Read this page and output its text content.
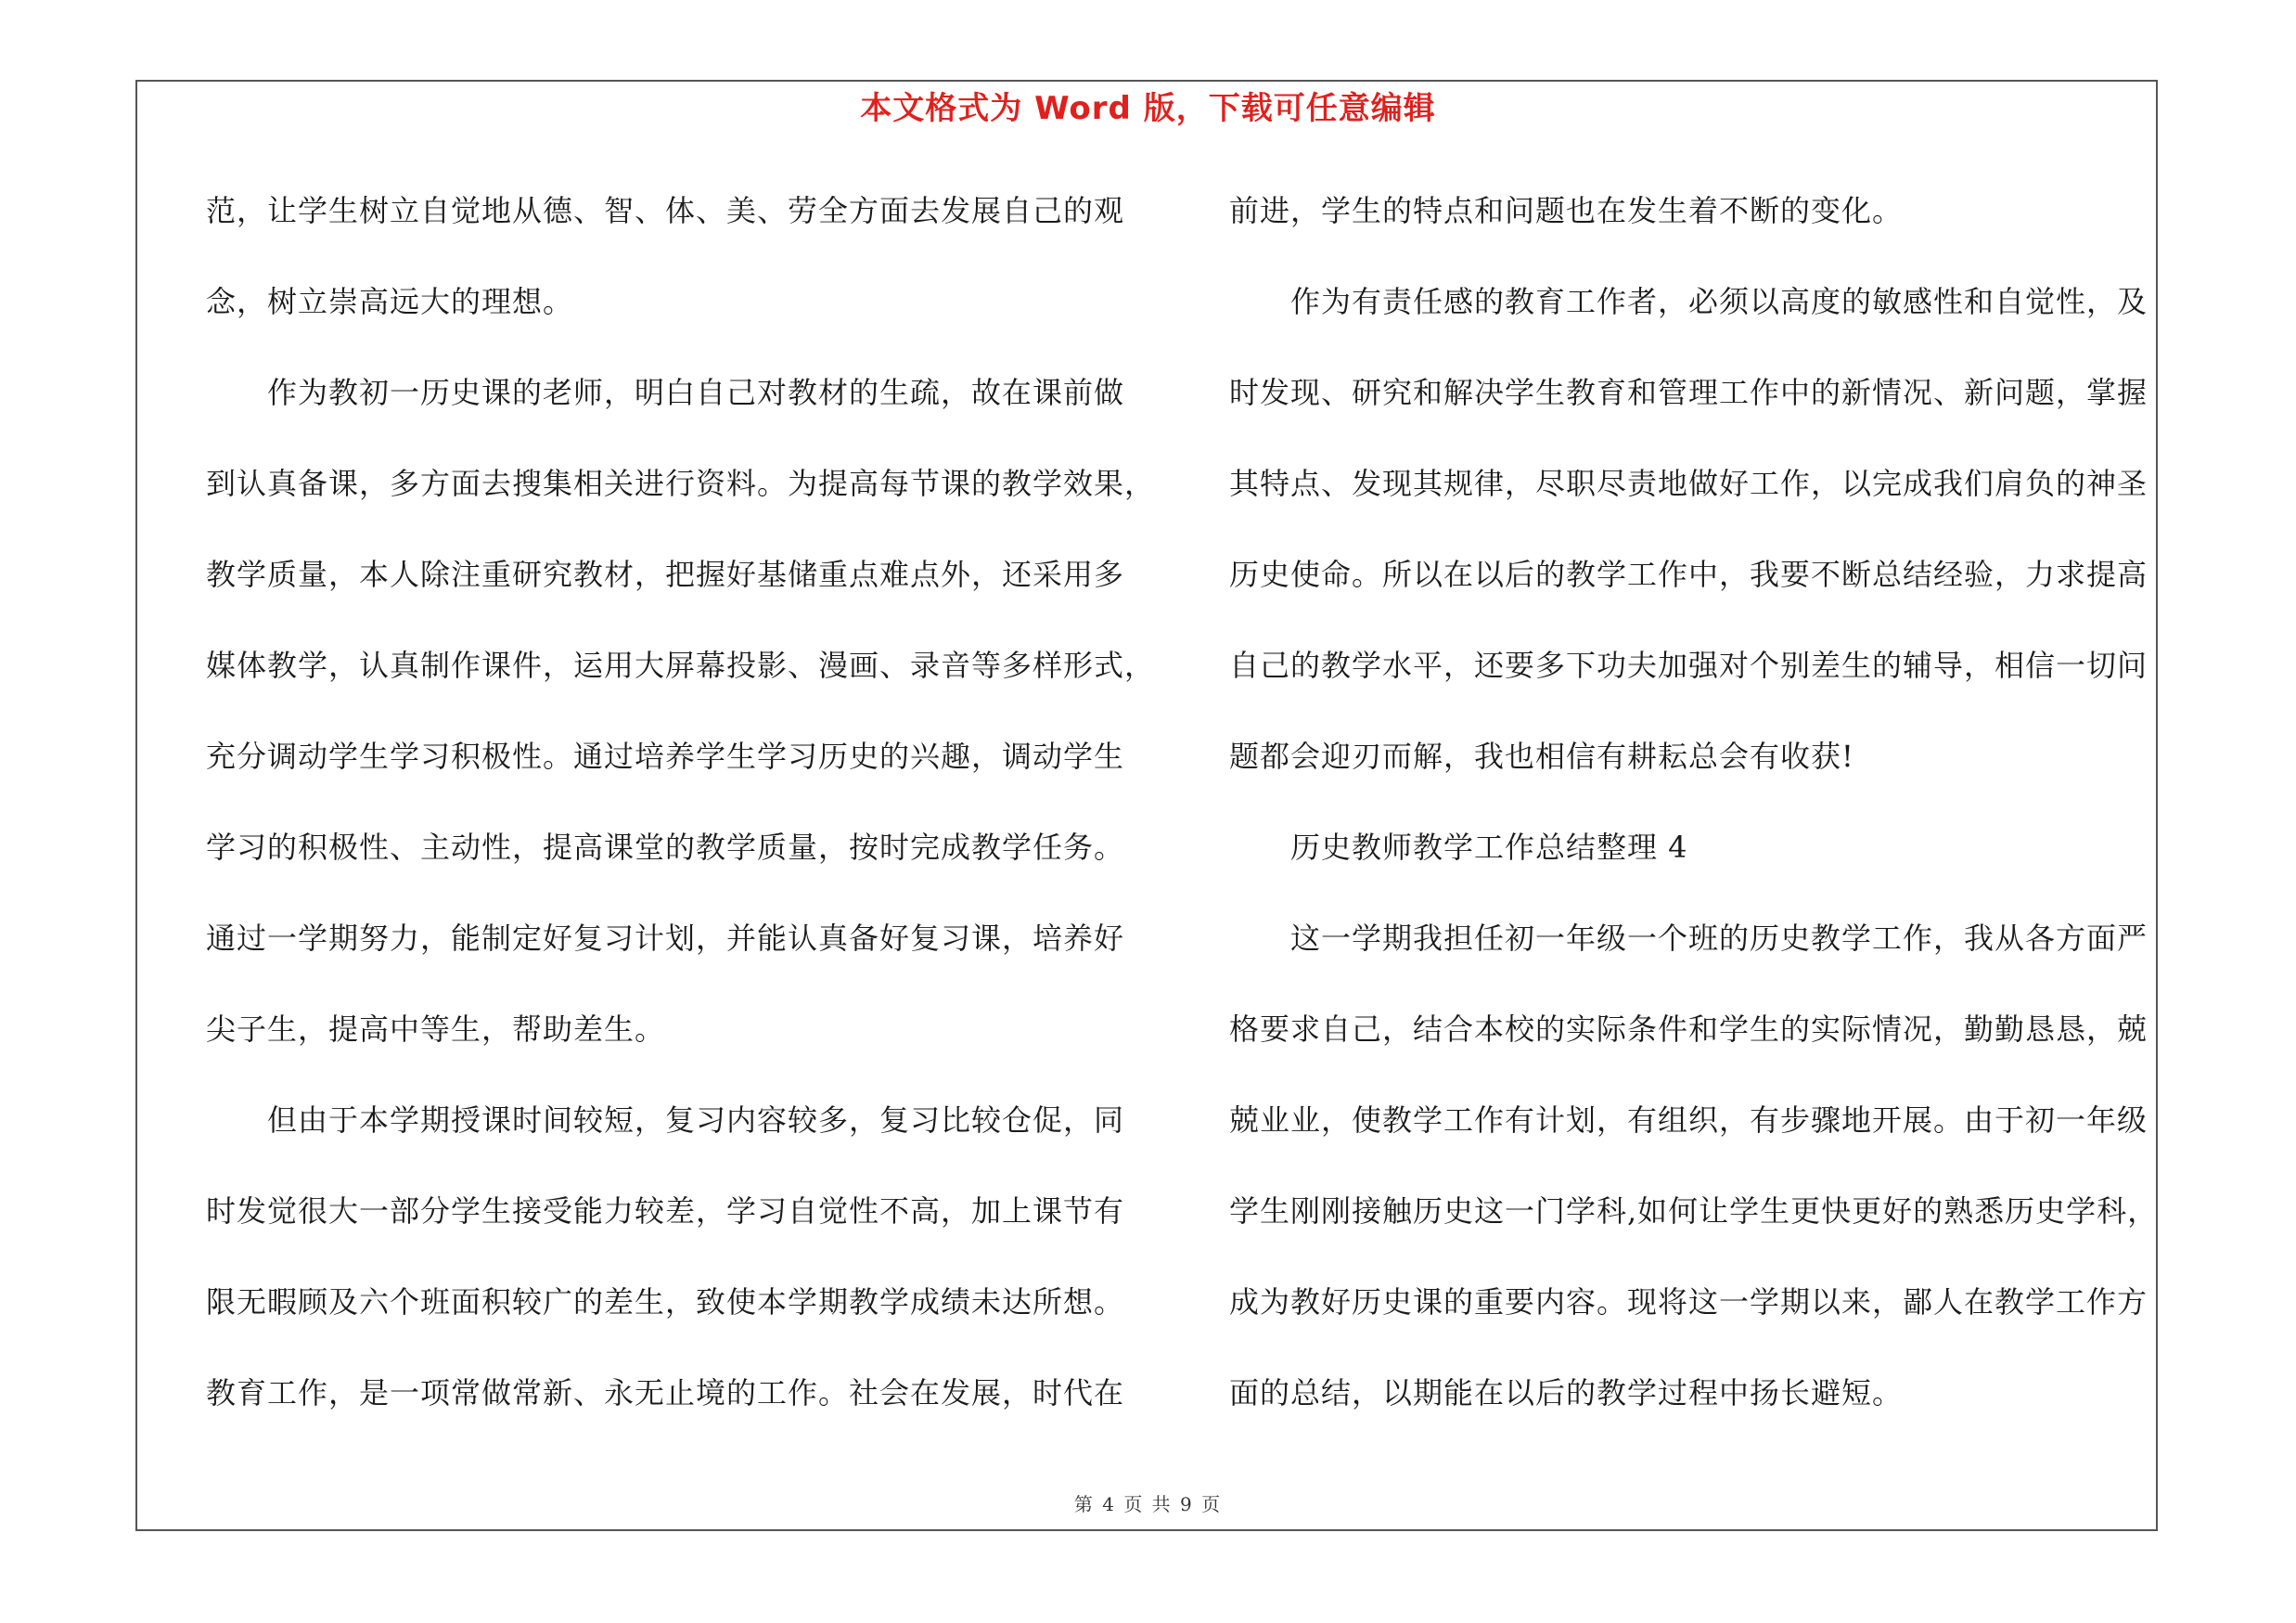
本文格式为 Word 版，下载可任意编辑
范，让学生树立自觉地从德、智、体、美、劳全方面去发展自己的观
念，树立崇高远大的理想。
作为教初一历史课的老师，明白自己对教材的生疏，故在课前做
到认真备课，多方面去搜集相关进行资料。为提高每节课的教学效果，
教学质量，本人除注重研究教材，把握好基储重点难点外，还采用多
媒体教学，认真制作课件，运用大屏幕投影、漫画、录音等多样形式，
充分调动学生学习积极性。通过培养学生学习历史的兴趣，调动学生
学习的积极性、主动性，提高课堂的教学质量，按时完成教学任务。
通过一学期努力，能制定好复习计划，并能认真备好复习课，培养好
尖子生，提高中等生，帮助差生。
但由于本学期授课时间较短，复习内容较多，复习比较仓促，同
时发觉很大一部分学生接受能力较差，学习自觉性不高，加上课节有
限无暇顾及六个班面积较广的差生，致使本学期教学成绩未达所想。
教育工作，是一项常做常新、永无止境的工作。社会在发展，时代在
前进，学生的特点和问题也在发生着不断的变化。
作为有责任感的教育工作者，必须以高度的敏感性和自觉性，及
时发现、研究和解决学生教育和管理工作中的新情况、新问题，掌握
其特点、发现其规律，尽职尽责地做好工作，以完成我们肩负的神圣
历史使命。所以在以后的教学工作中，我要不断总结经验，力求提高
自己的教学水平，还要多下功夫加强对个别差生的辅导，相信一切问
题都会迎刃而解，我也相信有耕耘总会有收获!
历史教师教学工作总结整理 4
这一学期我担任初一年级一个班的历史教学工作，我从各方面严
格要求自己，结合本校的实际条件和学生的实际情况，勤勤恳恳，兢
兢业业，使教学工作有计划，有组织，有步骤地开展。由于初一年级
学生刚刚接触历史这一门学科,如何让学生更快更好的熟悉历史学科，
成为教好历史课的重要内容。现将这一学期以来，鄙人在教学工作方
面的总结，以期能在以后的教学过程中扬长避短。
第 4 页 共 9 页
